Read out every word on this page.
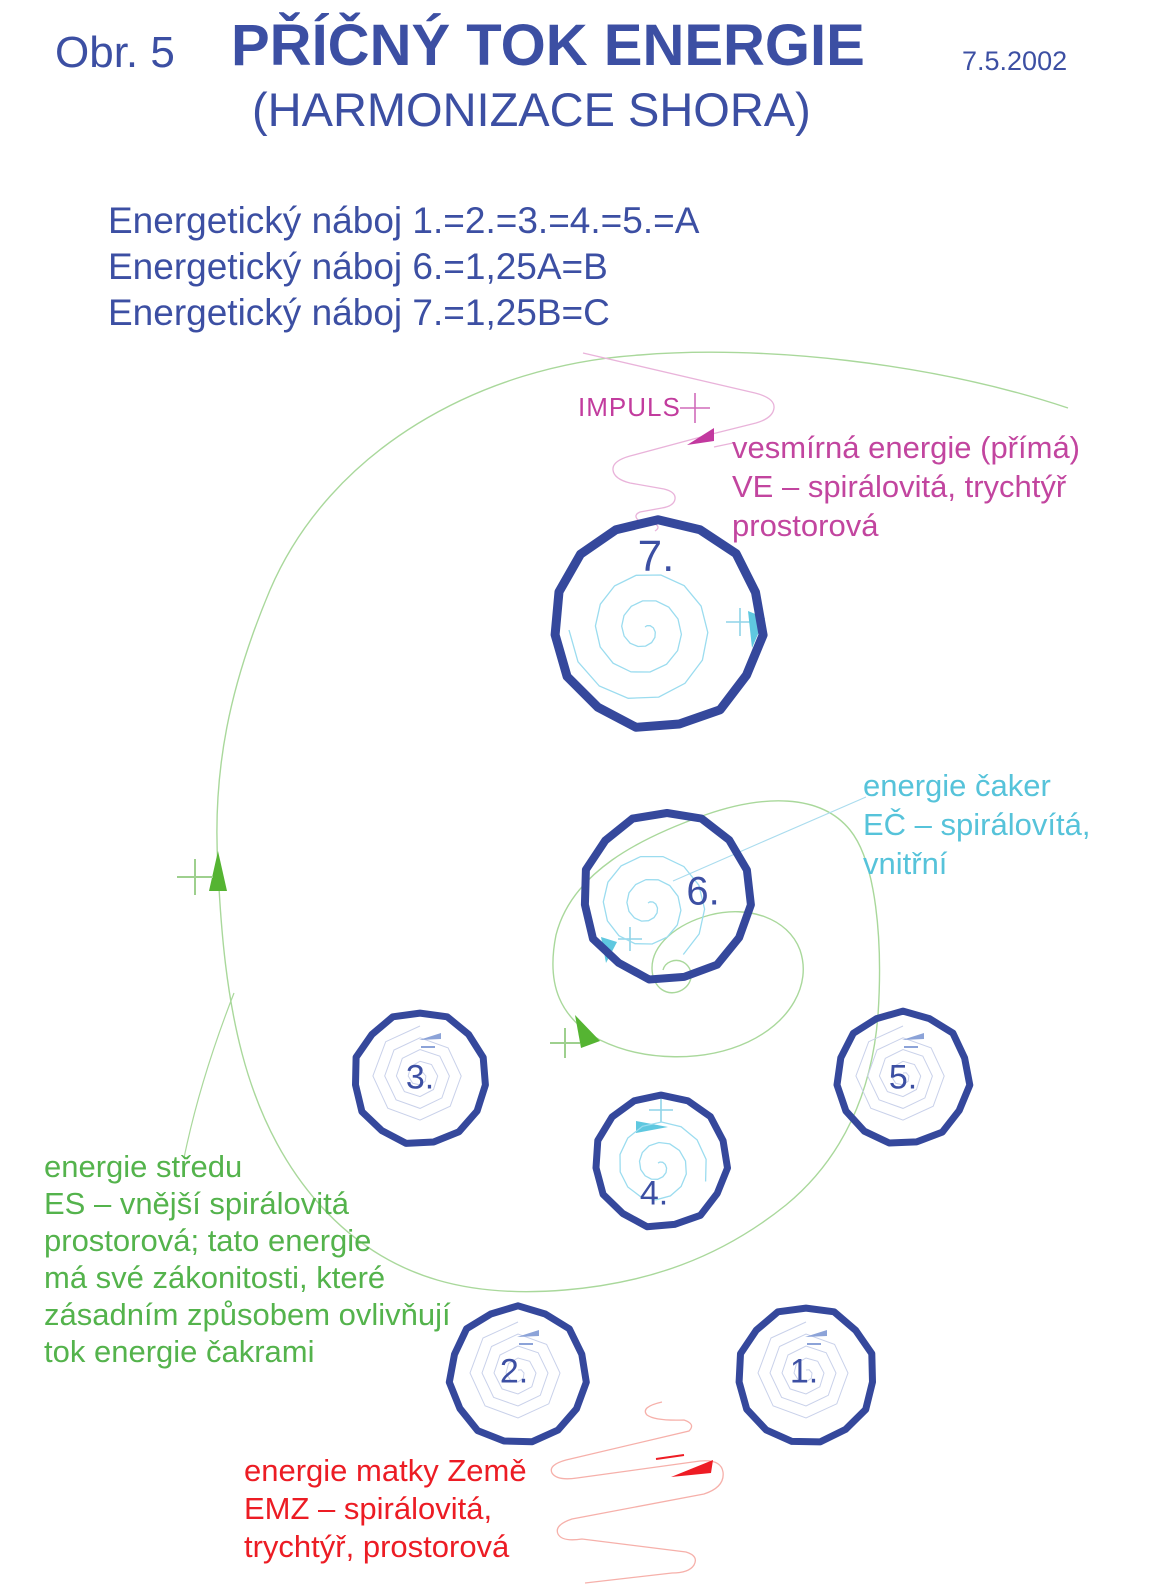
Obr. 5 PŘÍČNÝ TOK ENERGIE	7.5.2002
(HARMONIZACE SHORA)
Energetický náboj 1.=2.=3.=4.=5.=A
Energetický náboj 6.=1,25A=B
Energetický náboj 7.=1,25B=C
IMPULS
vesmírná energie (přímá)
VE – spirálovitá, trychtýř
prostorová
energie čaker
EČ – spirálovítá,
vnitřní
energie středu
ES – vnější spirálovitá
prostorová; tato energie
má své zákonitosti, které
zásadním způsobem ovlivňují
tok energie čakrami
energie matky Země
EMZ – spirálovitá,
trychtýř, prostorová
7.
6.
3.	5.
4.
2.	1.
